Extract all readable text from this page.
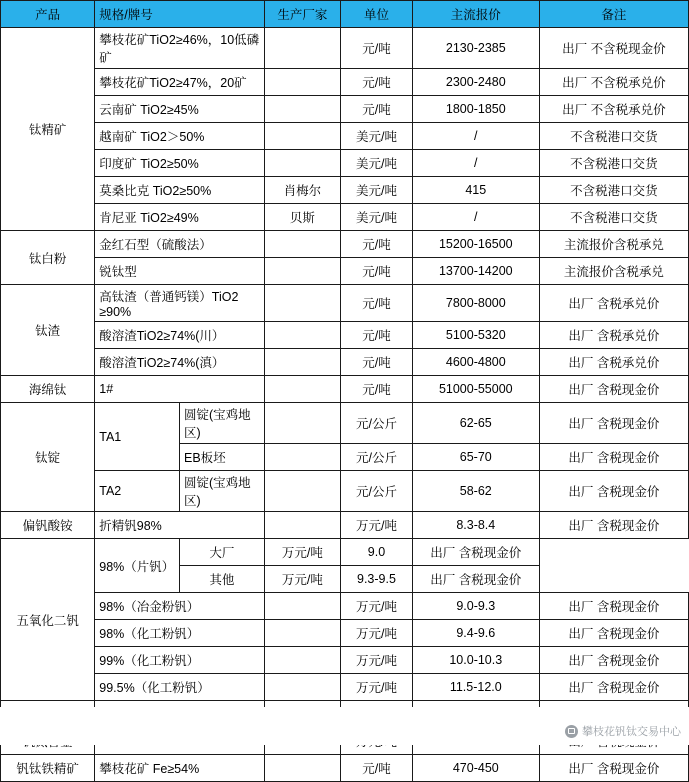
产品	规格/牌号		生产厂家	单位	主流报价	备注
钛精矿	攀枝花矿TiO2≥46%，10低磷矿			元/吨	2130-2385	出厂 不含税现金价
	攀枝花矿TiO2≥47%，20矿			元/吨	2300-2480	出厂 不含税承兑价
	云南矿 TiO2≥45%			元/吨	1800-1850	出厂 不含税承兑价
	越南矿 TiO2＞50%			美元/吨	/	不含税港口交货
	印度矿 TiO2≥50%			美元/吨	/	不含税港口交货
	莫桑比克 TiO2≥50%		肖梅尔	美元/吨	415	不含税港口交货
	肯尼亚 TiO2≥49%		贝斯	美元/吨	/	不含税港口交货
钛白粉	金红石型（硫酸法）			元/吨	15200-16500	主流报价含税承兑
	锐钛型			元/吨	13700-14200	主流报价含税承兑
钛渣	高钛渣（普通钙镁）TiO2 ≥90%			元/吨	7800-8000	出厂 含税承兑价
	酸溶渣TiO2≥74%(川）			元/吨	5100-5320	出厂 含税承兑价
	酸溶渣TiO2≥74%(滇）			元/吨	4600-4800	出厂 含税承兑价
海绵钛	1#			元/吨	51000-55000	出厂 含税现金价
钛锭	TA1	圆锭(宝鸡地区)		元/公斤	62-65	出厂 含税现金价
		EB板坯		元/公斤	65-70	出厂 含税现金价
	TA2	圆锭(宝鸡地区)		元/公斤	58-62	出厂 含税现金价
偏钒酸铵	折精钒98%			万元/吨	8.3-8.4	出厂 含税现金价
五氧化二钒	98%（片钒）	大厂	万元/吨	9.0	出厂 含税现金价	
		其他	万元/吨	9.3-9.5	出厂 含税现金价	
	98%（冶金粉钒）			万元/吨	9.0-9.3	出厂 含税现金价
	98%（化工粉钒）			万元/吨	9.4-9.6	出厂 含税现金价
	99%（化工粉钒）			万元/吨	10.0-10.3	出厂 含税现金价
	99.5%（化工粉钒）			万元/吨	11.5-12.0	出厂 含税现金价

钒钛铁精矿	攀枝花矿 Fe≥54%			元/吨	470-450	出厂 含税现金价
攀枝花钒钛交易中心
